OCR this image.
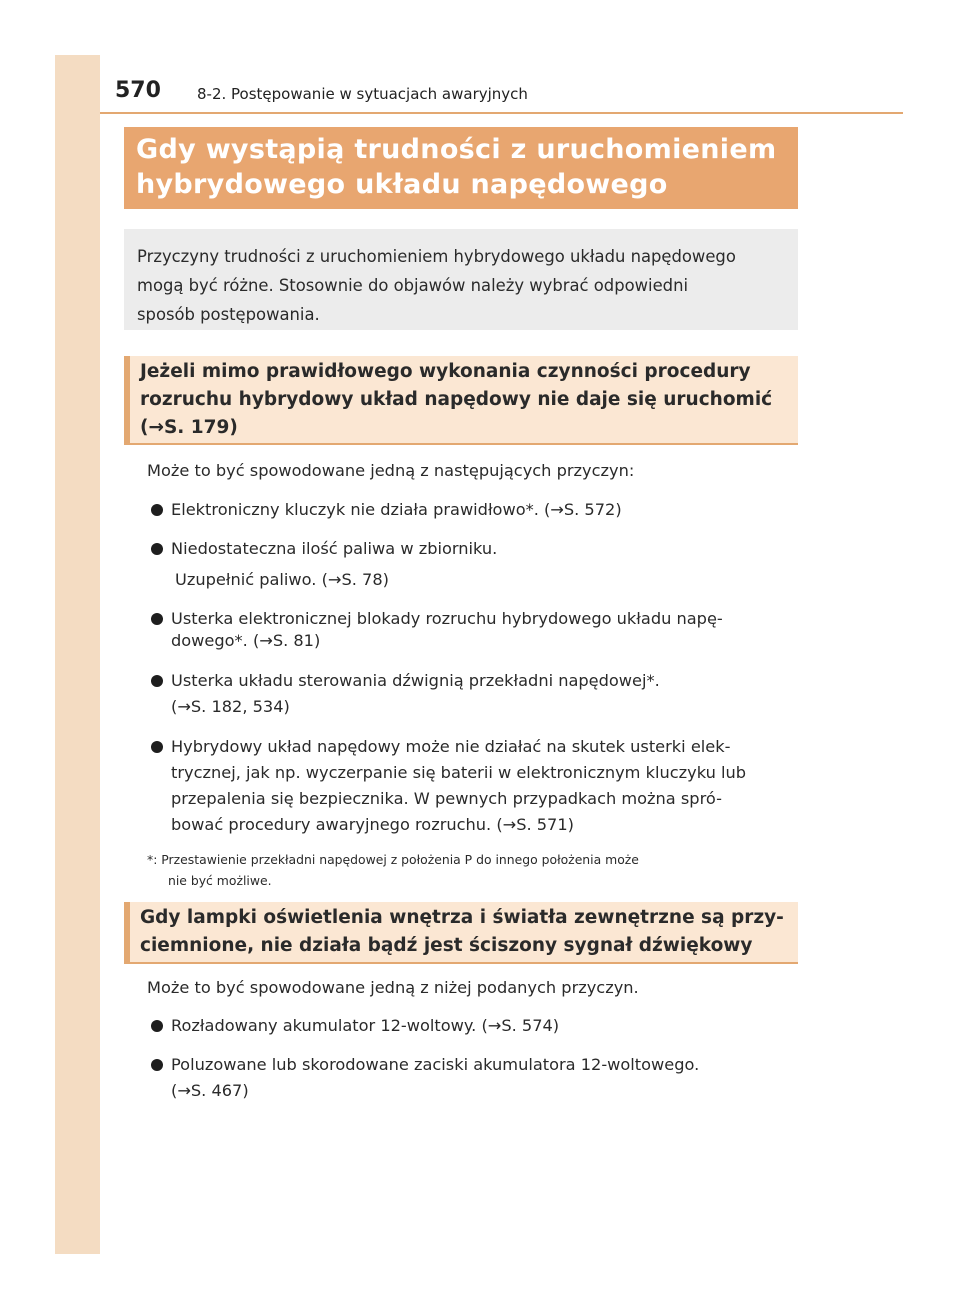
570 8-2. Postępowanie w sytuacjach awaryjnych
Gdy wystąpią trudności z uruchomieniem
hybrydowego układu napędowego
Przyczyny trudności z uruchomieniem hybrydowego układu napędowego
mogą być różne. Stosownie do objawów należy wybrać odpowiedni
sposób postępowania.
Jeżeli mimo prawidłowego wykonania czynności procedury
rozruchu hybrydowy układ napędowy nie daje się uruchomić
(→S. 179)
Może to być spowodowane jedną z następujących przyczyn:
Elektroniczny kluczyk nie działa prawidłowo*. (→S. 572)
Niedostateczna ilość paliwa w zbiorniku.
Uzupełnić paliwo. (→S. 78)
Usterka elektronicznej blokady rozruchu hybrydowego układu napę-
dowego*. (→S. 81)
Usterka układu sterowania dźwignią przekładni napędowej*.
(→S. 182, 534)
Hybrydowy układ napędowy może nie działać na skutek usterki elek-
trycznej, jak np. wyczerpanie się baterii w elektronicznym kluczyku lub
przepalenia się bezpiecznika. W pewnych przypadkach można spró-
bować procedury awaryjnego rozruchu. (→S. 571)
*: Przestawienie przekładni napędowej z położenia P do innego położenia może
nie być możliwe.
Gdy lampki oświetlenia wnętrza i światła zewnętrzne są przy-
ciemnione, nie działa bądź jest ściszony sygnał dźwiękowy
Może to być spowodowane jedną z niżej podanych przyczyn.
Rozładowany akumulator 12-woltowy. (→S. 574)
Poluzowane lub skorodowane zaciski akumulatora 12-woltowego.
(→S. 467)
